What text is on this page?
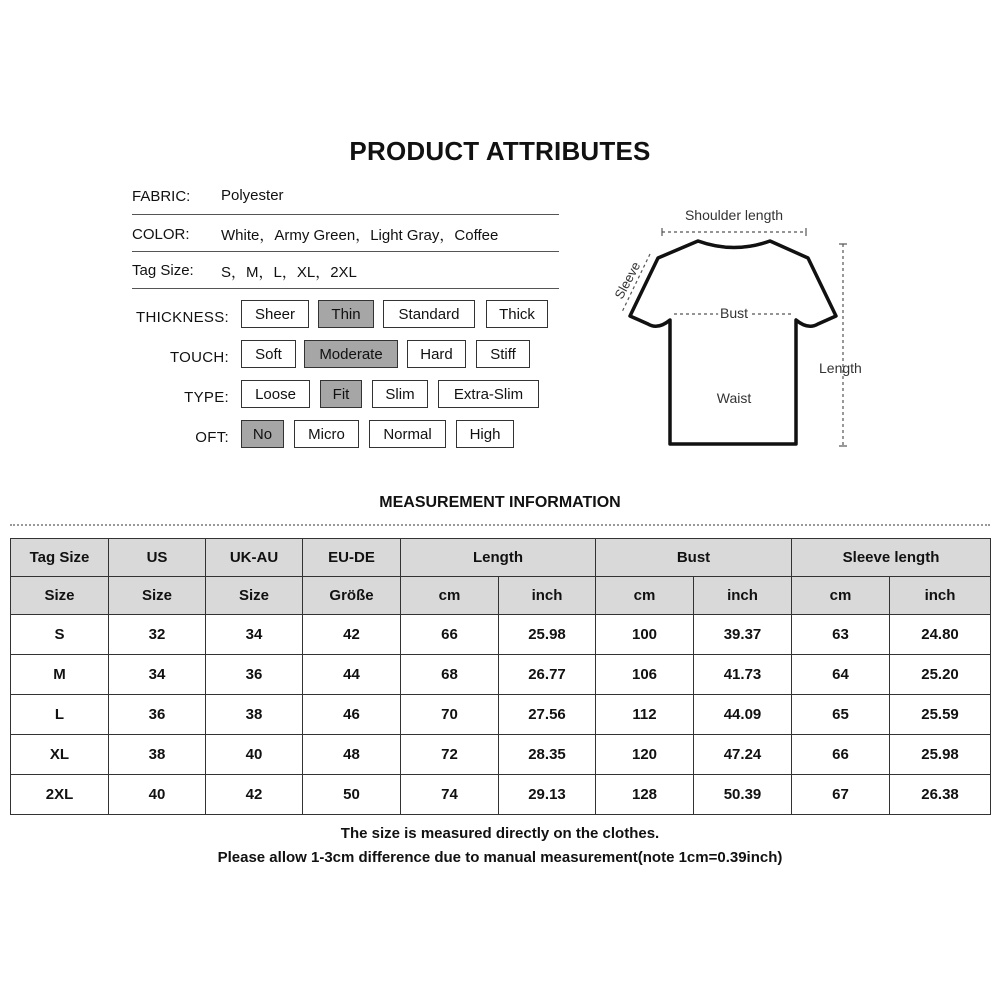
PRODUCT ATTRIBUTES
FABRIC: Polyester
COLOR: White，Army Green，Light Gray，Coffee
Tag Size: S，M，L，XL，2XL
THICKNESS:	Sheer	Thin	Standard	Thick
TOUCH:	Soft	Moderate	Hard	Stiff
TYPE:	Loose	Fit	Slim	Extra-Slim
OFT:	No	Micro	Normal	High
Shoulder length
Sleeve
Bust
Length
Waist
MEASUREMENT INFORMATION
Tag Size	US	UK-AU	EU-DE	Length		Bust		Sleeve length	
Size	Size	Size	Größe	cm	inch	cm	inch	cm	inch
S	32	34	42	66	25.98	100	39.37	63	24.80
M	34	36	44	68	26.77	106	41.73	64	25.20
L	36	38	46	70	27.56	112	44.09	65	25.59
XL	38	40	48	72	28.35	120	47.24	66	25.98
2XL	40	42	50	74	29.13	128	50.39	67	26.38
The size is measured directly on the clothes.
Please allow 1-3cm difference due to manual measurement(note 1cm=0.39inch)
